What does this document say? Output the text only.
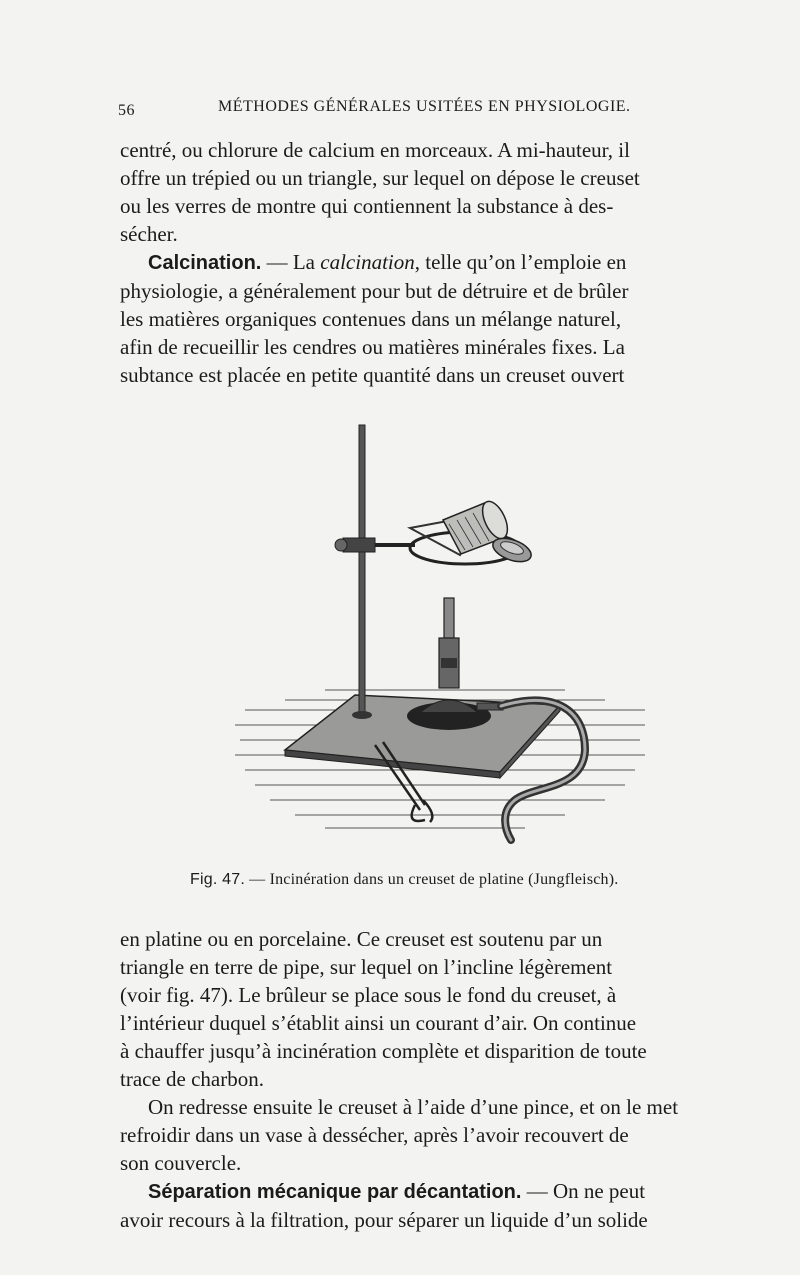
56	MÉTHODES GÉNÉRALES USITÉES EN PHYSIOLOGIE.

centré, ou chlorure de calcium en morceaux. A mi-hauteur, il

offre un trépied ou un triangle, sur lequel on dépose le creuset

ou les verres de montre qui contiennent la substance à des-

sécher.

Calcination. — La calcination, telle qu’on l’emploie en

physiologie, a généralement pour but de détruire et de brûler

les matières organiques contenues dans un mélange naturel,

afin de recueillir les cendres ou matières minérales fixes. La

subtance est placée en petite quantité dans un creuset ouvert

Fig. 47. — Incinération dans un creuset de platine (Jungfleisch).

en platine ou en porcelaine. Ce creuset est soutenu par un

triangle en terre de pipe, sur lequel on l’incline légèrement

(voir fig. 47). Le brûleur se place sous le fond du creuset, à

l’intérieur duquel s’établit ainsi un courant d’air. On continue

à chauffer jusqu’à incinération complète et disparition de toute

trace de charbon.

On redresse ensuite le creuset à l’aide d’une pince, et on le met

refroidir dans un vase à dessécher, après l’avoir recouvert de

son couvercle.

Séparation mécanique par décantation. — On ne peut

avoir recours à la filtration, pour séparer un liquide d’un solide
